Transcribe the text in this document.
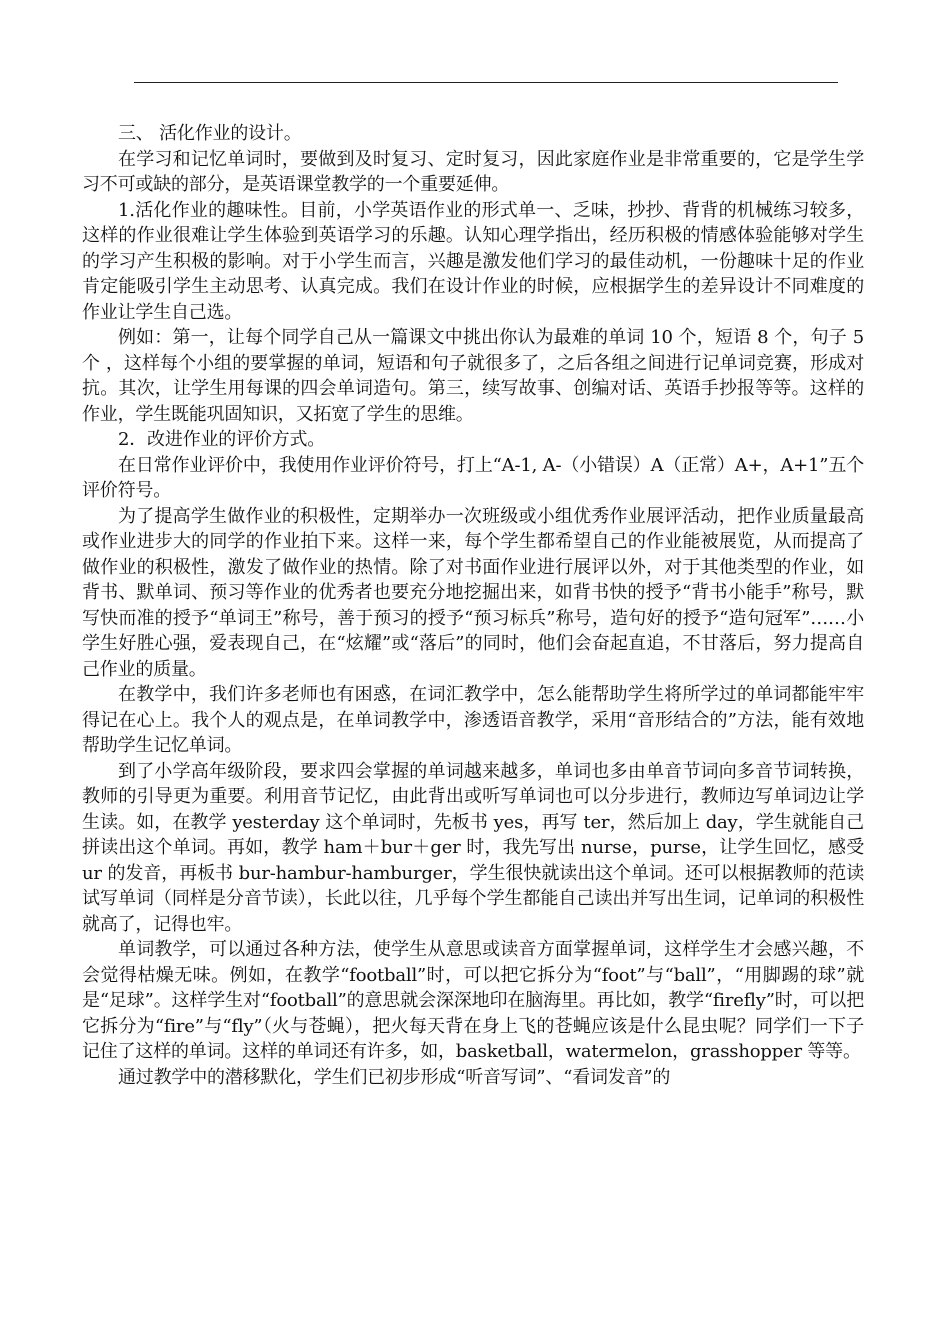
三、 活化作业的设计。

在学习和记忆单词时，要做到及时复习、定时复习，因此家庭作业是非常重要的，它是学生学习不可或缺的部分，是英语课堂教学的一个重要延伸。

1.活化作业的趣味性。目前，小学英语作业的形式单一、乏味，抄抄、背背的机械练习较多，这样的作业很难让学生体验到英语学习的乐趣。认知心理学指出，经历积极的情感体验能够对学生的学习产生积极的影响。对于小学生而言，兴趣是激发他们学习的最佳动机，一份趣味十足的作业肯定能吸引学生主动思考、认真完成。我们在设计作业的时候，应根据学生的差异设计不同难度的作业让学生自己选。

例如：第一，让每个同学自己从一篇课文中挑出你认为最难的单词 10 个，短语 8 个，句子 5 个 ，这样每个小组的要掌握的单词，短语和句子就很多了，之后各组之间进行记单词竞赛，形成对抗。其次，让学生用每课的四会单词造句。第三，续写故事、创编对话、英语手抄报等等。这样的作业，学生既能巩固知识，又拓宽了学生的思维。

2．改进作业的评价方式。

在日常作业评价中，我使用作业评价符号，打上“A-1, A-（小错误）A（正常）A+，A+1”五个评价符号。

为了提高学生做作业的积极性，定期举办一次班级或小组优秀作业展评活动，把作业质量最高或作业进步大的同学的作业拍下来。这样一来，每个学生都希望自己的作业能被展览，从而提高了做作业的积极性，激发了做作业的热情。除了对书面作业进行展评以外，对于其他类型的作业，如背书、默单词、预习等作业的优秀者也要充分地挖掘出来，如背书快的授予“背书小能手”称号，默写快而准的授予“单词王”称号，善于预习的授予“预习标兵”称号，造句好的授予“造句冠军”……小学生好胜心强，爱表现自己，在“炫耀”或“落后”的同时，他们会奋起直追，不甘落后，努力提高自己作业的质量。

在教学中，我们许多老师也有困惑，在词汇教学中，怎么能帮助学生将所学过的单词都能牢牢得记在心上。我个人的观点是，在单词教学中，渗透语音教学，采用“音形结合的”方法，能有效地帮助学生记忆单词。

到了小学高年级阶段，要求四会掌握的单词越来越多，单词也多由单音节词向多音节词转换，教师的引导更为重要。利用音节记忆，由此背出或听写单词也可以分步进行，教师边写单词边让学生读。如，在教学 yesterday 这个单词时，先板书 yes，再写 ter，然后加上 day，学生就能自己拼读出这个单词。再如，教学 ham＋bur＋ger 时，我先写出 nurse，purse，让学生回忆，感受 ur 的发音，再板书 bur-hambur-hamburger，学生很快就读出这个单词。还可以根据教师的范读试写单词（同样是分音节读），长此以往，几乎每个学生都能自己读出并写出生词，记单词的积极性就高了，记得也牢。

单词教学，可以通过各种方法，使学生从意思或读音方面掌握单词，这样学生才会感兴趣，不会觉得枯燥无味。例如，在教学“football”时，可以把它拆分为“foot”与“ball”，“用脚踢的球”就是“足球”。这样学生对“football”的意思就会深深地印在脑海里。再比如，教学“firefly”时，可以把它拆分为“fire”与“fly”（火与苍蝇），把火每天背在身上飞的苍蝇应该是什么昆虫呢？同学们一下子记住了这样的单词。这样的单词还有许多，如，basketball，watermelon，grasshopper 等等。

通过教学中的潜移默化，学生们已初步形成“听音写词”、“看词发音”的
